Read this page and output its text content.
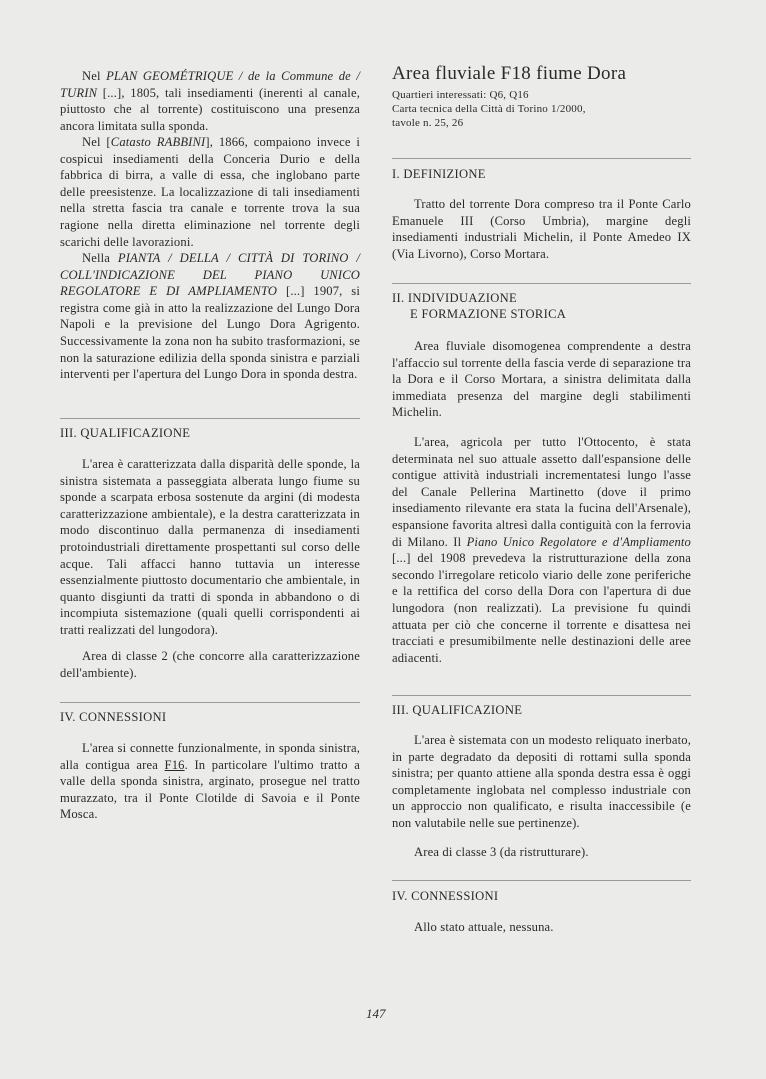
Nel PLAN GEOMÉTRIQUE / de la Commune de / TURIN [...], 1805, tali insediamenti (inerenti al canale, piuttosto che al torrente) costituiscono una presenza ancora limitata sulla sponda.

Nel [Catasto RABBINI], 1866, compaiono invece i cospicui insediamenti della Conceria Durio e della fabbrica di birra, a valle di essa, che inglobano parte delle preesistenze. La localizzazione di tali insediamenti nella stretta fascia tra canale e torrente trova la sua ragione nella diretta eliminazione nel torrente degli scarichi delle lavorazioni.

Nella PIANTA / DELLA / CITTÀ DI TORINO / COLL'INDICAZIONE DEL PIANO UNICO REGOLATORE E DI AMPLIAMENTO [...] 1907, si registra come già in atto la realizzazione del Lungo Dora Napoli e la previsione del Lungo Dora Agrigento. Successivamente la zona non ha subito trasformazioni, se non la saturazione edilizia della sponda sinistra e parziali interventi per l'apertura del Lungo Dora in sponda destra.

III. QUALIFICAZIONE

L'area è caratterizzata dalla disparità delle sponde, la sinistra sistemata a passeggiata alberata lungo fiume su sponde a scarpata erbosa sostenute da argini (di modesta caratterizzazione ambientale), e la destra caratterizzata in modo discontinuo dalla permanenza di insediamenti protoindustriali direttamente prospettanti sul corso delle acque. Tali affacci hanno tuttavia un interesse essenzialmente piuttosto documentario che ambientale, in quanto disgiunti da tratti di sponda in abbandono o di incompiuta sistemazione (quali quelli corrispondenti ai tratti realizzati del lungodora).

Area di classe 2 (che concorre alla caratterizzazione dell'ambiente).

IV. CONNESSIONI

L'area si connette funzionalmente, in sponda sinistra, alla contigua area F16. In particolare l'ultimo tratto a valle della sponda sinistra, arginato, prosegue nel tratto murazzato, tra il Ponte Clotilde di Savoia e il Ponte Mosca.

Area fluviale F18 fiume Dora
Quartieri interessati: Q6, Q16
Carta tecnica della Città di Torino 1/2000,
tavole n. 25, 26

I. DEFINIZIONE

Tratto del torrente Dora compreso tra il Ponte Carlo Emanuele III (Corso Umbria), margine degli insediamenti industriali Michelin, il Ponte Amedeo IX (Via Livorno), Corso Mortara.

II. INDIVIDUAZIONE

E FORMAZIONE STORICA

Area fluviale disomogenea comprendente a destra l'affaccio sul torrente della fascia verde di separazione tra la Dora e il Corso Mortara, a sinistra delimitata dalla immediata presenza del margine degli stabilimenti Michelin.

L'area, agricola per tutto l'Ottocento, è stata determinata nel suo attuale assetto dall'espansione delle contigue attività industriali incrementatesi lungo l'asse del Canale Pellerina Martinetto (dove il primo insediamento rilevante era stata la fucina dell'Arsenale), espansione favorita altresì dalla contiguità con la ferrovia di Milano. Il Piano Unico Regolatore e d'Ampliamento [...] del 1908 prevedeva la ristrutturazione della zona secondo l'irregolare reticolo viario delle zone periferiche e la rettifica del corso della Dora con l'apertura di due lungodora (non realizzati). La previsione fu quindi attuata per ciò che concerne il torrente e disattesa nei tracciati e presumibilmente nelle destinazioni delle aree adiacenti.

III. QUALIFICAZIONE

L'area è sistemata con un modesto reliquato inerbato, in parte degradato da depositi di rottami sulla sponda sinistra; per quanto attiene alla sponda destra essa è oggi completamente inglobata nel complesso industriale con un approccio non qualificato, e risulta inaccessibile (e non valutabile nelle sue pertinenze).

Area di classe 3 (da ristrutturare).

IV. CONNESSIONI

Allo stato attuale, nessuna.

147
